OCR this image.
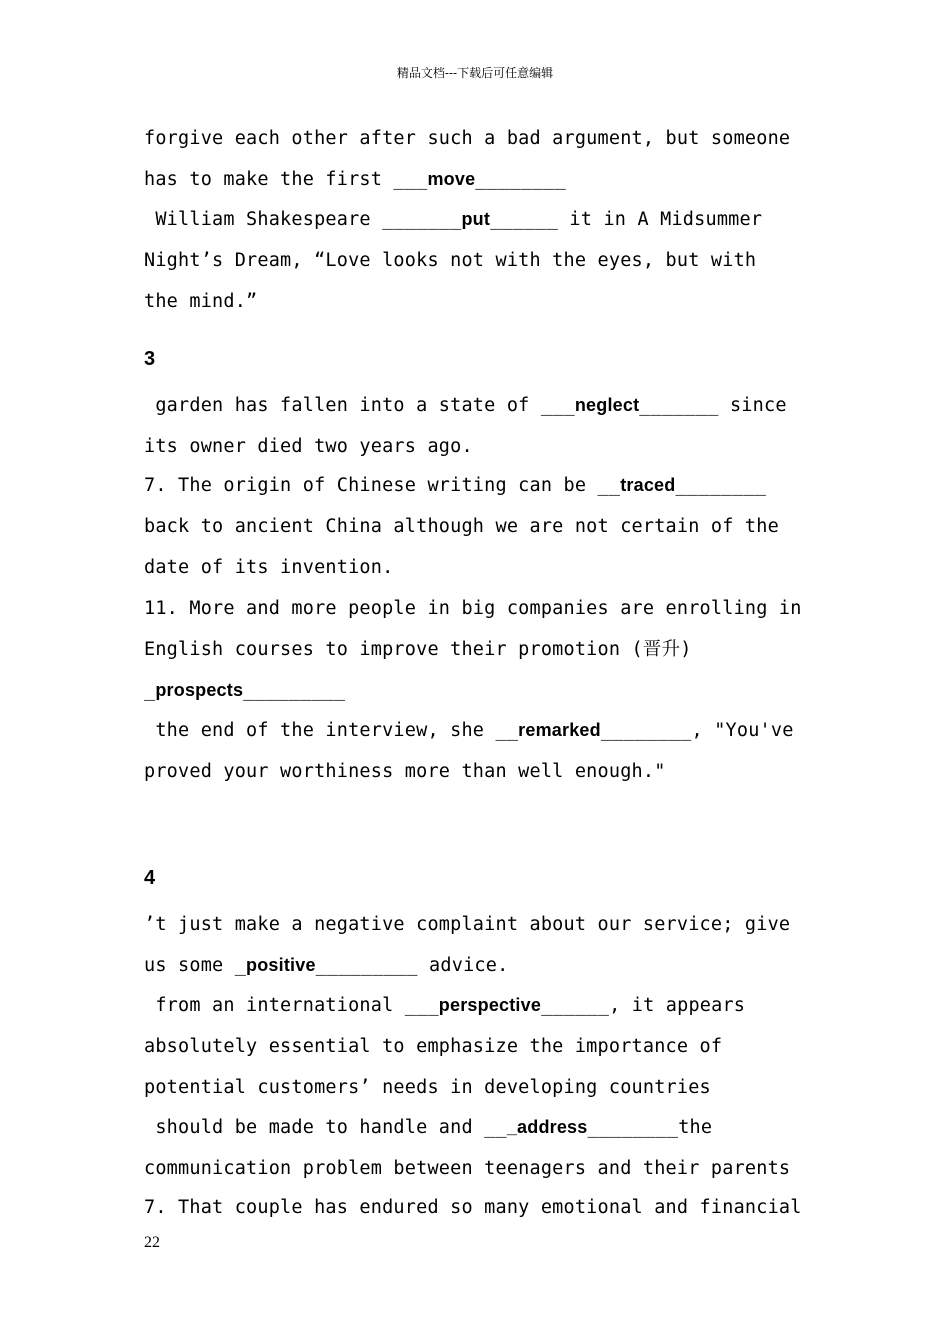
精品文档---下载后可任意编辑
forgive each other after such a bad argument, but someone
has to make the first ___move________
William Shakespeare _______put______ it in A Midsummer
Night’s Dream, “Love looks not with the eyes, but with
the mind.”
3
garden has fallen into a state of ___neglect_______ since
its owner died two years ago.
7. The origin of Chinese writing can be __traced________
back to ancient China although we are not certain of the
date of its invention.
11. More and more people in big companies are enrolling in
English courses to improve their promotion (晋升)
_prospects_________
the end of the interview, she __remarked________, "You've
proved your worthiness more than well enough."
4
’t just make a negative complaint about our service; give
us some _positive_________ advice.
from an international ___perspective______, it appears
absolutely essential to emphasize the importance of
potential customers’ needs in developing countries
should be made to handle and ___address________the
communication problem between teenagers and their parents
7. That couple has endured so many emotional and financial
22
